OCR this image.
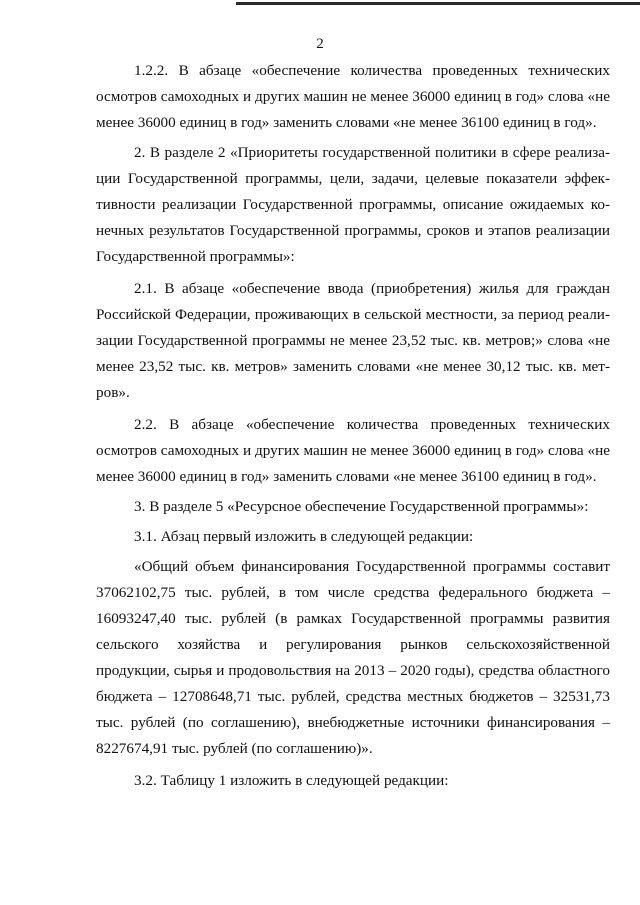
2

1.2.2. В абзаце «обеспечение количества проведенных технических осмотров самоходных и других машин не менее 36000 единиц в год» слова «не менее 36000 единиц в год» заменить словами «не менее 36100 единиц в год».

2. В разделе 2 «Приоритеты государственной политики в сфере реализации Государственной программы, цели, задачи, целевые показатели эффективности реализации Государственной программы, описание ожидаемых конечных результатов Государственной программы, сроков и этапов реализации Государственной программы»:

2.1. В абзаце «обеспечение ввода (приобретения) жилья для граждан Российской Федерации, проживающих в сельской местности, за период реализации Государственной программы не менее 23,52 тыс. кв. метров;» слова «не менее 23,52 тыс. кв. метров» заменить словами «не менее 30,12 тыс. кв. метров».

2.2. В абзаце «обеспечение количества проведенных технических осмотров самоходных и других машин не менее 36000 единиц в год» слова «не менее 36000 единиц в год» заменить словами «не менее 36100 единиц в год».

3. В разделе 5 «Ресурсное обеспечение Государственной программы»:

3.1. Абзац первый изложить в следующей редакции:

«Общий объем финансирования Государственной программы составит 37062102,75 тыс. рублей, в том числе средства федерального бюджета – 16093247,40 тыс. рублей (в рамках Государственной программы развития сельского хозяйства и регулирования рынков сельскохозяйственной продукции, сырья и продовольствия на 2013 – 2020 годы), средства областного бюджета – 12708648,71 тыс. рублей, средства местных бюджетов – 32531,73 тыс. рублей (по соглашению), внебюджетные источники финансирования – 8227674,91 тыс. рублей (по соглашению)».

3.2. Таблицу 1 изложить в следующей редакции:
